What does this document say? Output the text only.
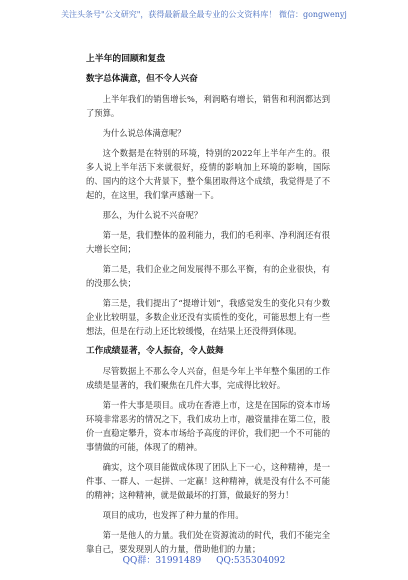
关注头条号"公文研究"，获得最新最全最专业的公文资料库！ 微信：gongwenyj
上半年的回顾和复盘
数字总体满意，但不令人兴奋

上半年我们的销售增长%，利润略有增长，销售和利润都达到了预算。

为什么说总体满意呢？

这个数据是在特别的环境，特别的2022年上半年产生的。很多人说上半年活下来就很好，疫情的影响加上环境的影响，国际的、国内的这个大背景下，整个集团取得这个成绩，我觉得是了不起的，在这里，我们掌声感谢一下。

那么，为什么说不兴奋呢？

第一是，我们整体的盈利能力，我们的毛利率、净利润还有很大增长空间；

第二是，我们企业之间发展得不那么平衡，有的企业很快，有的没那么快；

第三是，我们提出了“提增计划”，我感觉发生的变化只有少数企业比较明显，多数企业还没有实质性的变化，可能思想上有一些想法，但是在行动上还比较缓慢，在结果上还没得到体现。

工作成绩显著，令人振奋，令人鼓舞

尽管数据上不那么令人兴奋，但是今年上半年整个集团的工作成绩是显著的，我们聚焦在几件大事，完成得比较好。

第一件大事是项目。成功在香港上市，这是在国际的资本市场环境非常恶劣的情况之下，我们成功上市，融资量排在第二位，股价一直稳定攀升，资本市场给予高度的评价，我们把一个不可能的事情做的可能，体现了的精神。

确实，这个项目能做成体现了团队上下一心，这种精神，是一件事、一群人、一起拼、一定赢！这种精神，就是没有什么不可能的精神；这种精神，就是做最坏的打算，做最好的努力！

项目的成功，也发挥了种力量的作用。

第一是他人的力量。我们处在资源流动的时代，我们不能完全靠自己，要发现别人的力量，借助他们的力量；

QQ群：31991489 QQ:535304092
